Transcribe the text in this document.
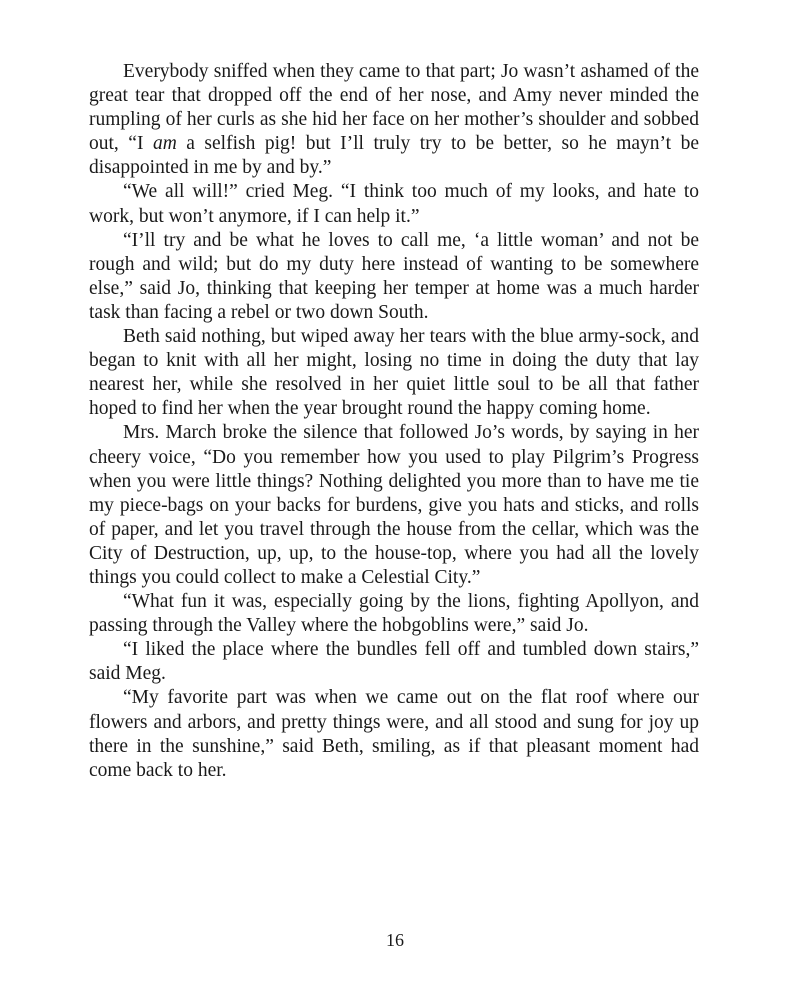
Everybody sniffed when they came to that part; Jo wasn’t ashamed of the great tear that dropped off the end of her nose, and Amy never minded the rumpling of her curls as she hid her face on her mother’s shoulder and sobbed out, “I am a selfish pig! but I’ll truly try to be better, so he mayn’t be disappointed in me by and by.”

“We all will!” cried Meg. “I think too much of my looks, and hate to work, but won’t anymore, if I can help it.”

“I’ll try and be what he loves to call me, ‘a little woman’ and not be rough and wild; but do my duty here instead of wanting to be somewhere else,” said Jo, thinking that keeping her temper at home was a much harder task than facing a rebel or two down South.

Beth said nothing, but wiped away her tears with the blue army-sock, and began to knit with all her might, losing no time in doing the duty that lay nearest her, while she resolved in her quiet little soul to be all that father hoped to find her when the year brought round the happy coming home.

Mrs. March broke the silence that followed Jo’s words, by saying in her cheery voice, “Do you remember how you used to play Pilgrim’s Progress when you were little things? Nothing delighted you more than to have me tie my piece-bags on your backs for burdens, give you hats and sticks, and rolls of paper, and let you travel through the house from the cellar, which was the City of Destruction, up, up, to the house-top, where you had all the lovely things you could collect to make a Celestial City.”

“What fun it was, especially going by the lions, fighting Apollyon, and passing through the Valley where the hobgoblins were,” said Jo.

“I liked the place where the bundles fell off and tumbled down stairs,” said Meg.

“My favorite part was when we came out on the flat roof where our flowers and arbors, and pretty things were, and all stood and sung for joy up there in the sunshine,” said Beth, smiling, as if that pleasant moment had come back to her.

16
